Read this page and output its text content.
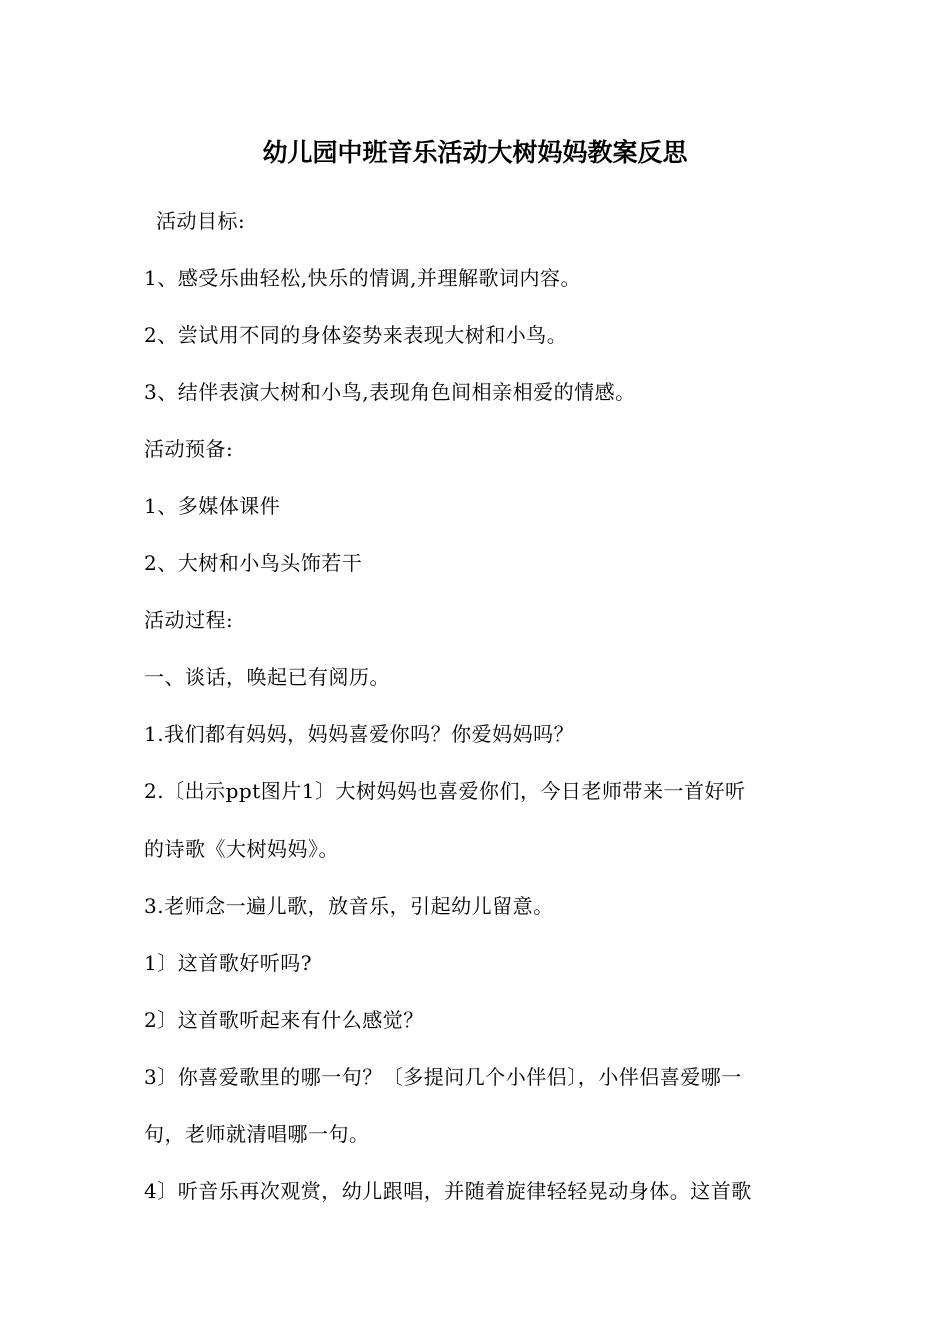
幼儿园中班音乐活动大树妈妈教案反思
活动目标:
1、感受乐曲轻松,快乐的情调,并理解歌词内容。
2、尝试用不同的身体姿势来表现大树和小鸟。
3、结伴表演大树和小鸟,表现角色间相亲相爱的情感。
活动预备:
1、多媒体课件
2、大树和小鸟头饰若干
活动过程:
一、谈话，唤起已有阅历。
1.我们都有妈妈，妈妈喜爱你吗？你爱妈妈吗？
2.〔出示ppt图片1〕大树妈妈也喜爱你们，今日老师带来一首好听
的诗歌《大树妈妈》。
3.老师念一遍儿歌，放音乐，引起幼儿留意。
1〕这首歌好听吗?
2〕这首歌听起来有什么感觉？
3〕你喜爱歌里的哪一句？〔多提问几个小伴侣〕，小伴侣喜爱哪一
句，老师就清唱哪一句。
4〕听音乐再次观赏，幼儿跟唱，并随着旋律轻轻晃动身体。这首歌
